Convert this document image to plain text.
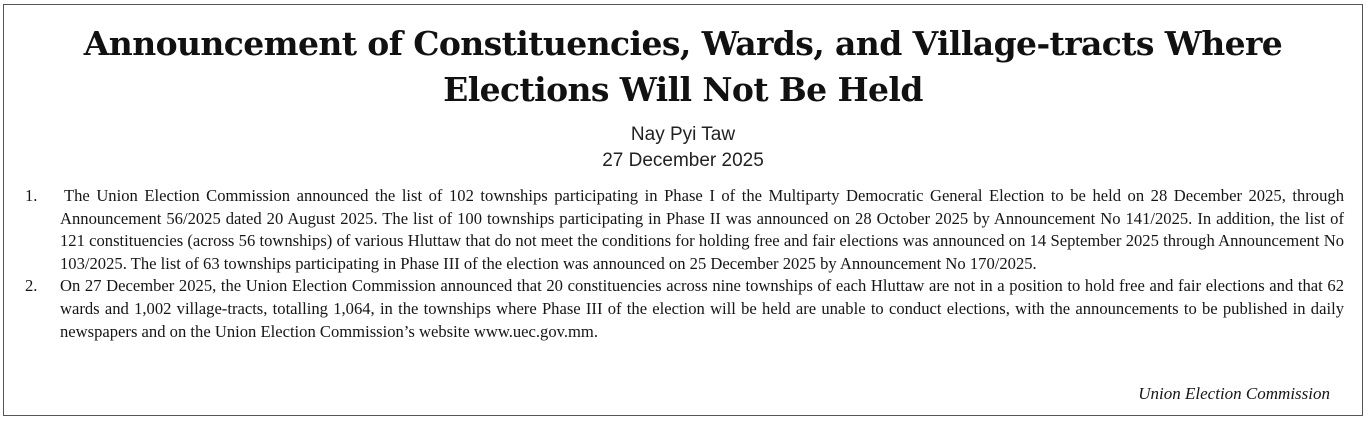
Announcement of Constituencies, Wards, and Village-tracts Where
Elections Will Not Be Held
Nay Pyi Taw
27 December 2025
1. The Union Election Commission announced the list of 102 townships participating in Phase I of the Multiparty Democratic General Election to be held on 28 December 2025, through Announcement 56/2025 dated 20 August 2025. The list of 100 townships participating in Phase II was announced on 28 October 2025 by Announcement No 141/2025. In addition, the list of 121 constituencies (across 56 townships) of various Hluttaw that do not meet the conditions for holding free and fair elections was announced on 14 September 2025 through Announcement No 103/2025. The list of 63 townships participating in Phase III of the election was announced on 25 December 2025 by Announcement No 170/2025.
2. On 27 December 2025, the Union Election Commission announced that 20 constituencies across nine townships of each Hluttaw are not in a position to hold free and fair elections and that 62 wards and 1,002 village-tracts, totalling 1,064, in the townships where Phase III of the election will be held are unable to conduct elections, with the announcements to be published in daily newspapers and on the Union Election Commission’s website www.uec.gov.mm.
Union Election Commission
